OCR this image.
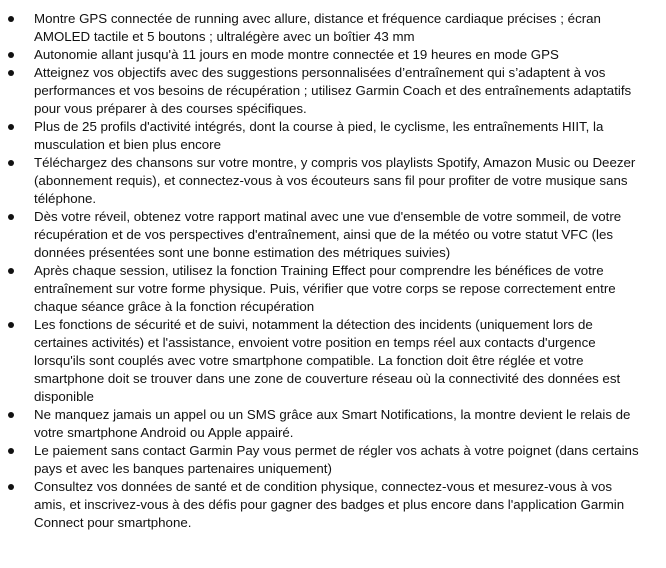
Montre GPS connectée de running avec allure, distance et fréquence cardiaque précises ; écran AMOLED tactile et 5 boutons ; ultralégère avec un boîtier 43 mm
Autonomie allant jusqu'à 11 jours en mode montre connectée et 19 heures en mode GPS
Atteignez vos objectifs avec des suggestions personnalisées d’entraînement qui s’adaptent à vos performances et vos besoins de récupération ; utilisez Garmin Coach et des entraînements adaptatifs pour vous préparer à des courses spécifiques.
Plus de 25 profils d'activité intégrés, dont la course à pied, le cyclisme, les entraînements HIIT, la musculation et bien plus encore
Téléchargez des chansons sur votre montre, y compris vos playlists Spotify, Amazon Music ou Deezer (abonnement requis), et connectez-vous à vos écouteurs sans fil pour profiter de votre musique sans téléphone.
Dès votre réveil, obtenez votre rapport matinal avec une vue d'ensemble de votre sommeil, de votre récupération et de vos perspectives d'entraînement, ainsi que de la météo ou votre statut VFC (les données présentées sont une bonne estimation des métriques suivies)
Après chaque session, utilisez la fonction Training Effect pour comprendre les bénéfices de votre entraînement sur votre forme physique. Puis, vérifier que votre corps se repose correctement entre chaque séance grâce à la fonction récupération
Les fonctions de sécurité et de suivi, notamment la détection des incidents (uniquement lors de certaines activités) et l'assistance, envoient votre position en temps réel aux contacts d'urgence lorsqu'ils sont couplés avec votre smartphone compatible. La fonction doit être réglée et votre smartphone doit se trouver dans une zone de couverture réseau où la connectivité des données est disponible
Ne manquez jamais un appel ou un SMS grâce aux Smart Notifications, la montre devient le relais de votre smartphone Android ou Apple appairé.
Le paiement sans contact Garmin Pay vous permet de régler vos achats à votre poignet (dans certains pays et avec les banques partenaires uniquement)
Consultez vos données de santé et de condition physique, connectez-vous et mesurez-vous à vos amis, et inscrivez-vous à des défis pour gagner des badges et plus encore dans l'application Garmin Connect pour smartphone.
